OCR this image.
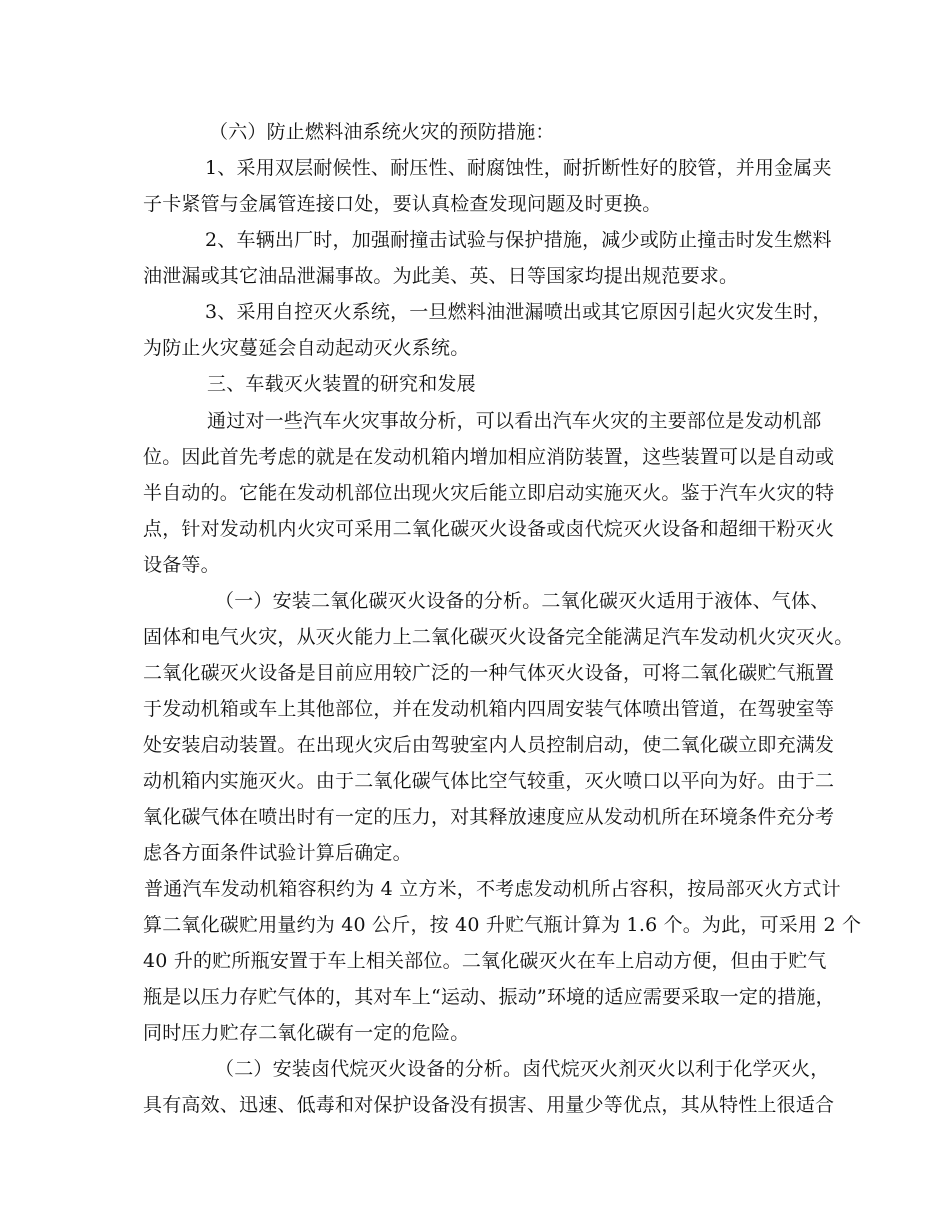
（六）防止燃料油系统火灾的预防措施：
1、采用双层耐候性、耐压性、耐腐蚀性，耐折断性好的胶管，并用金属夹
子卡紧管与金属管连接口处，要认真检查发现问题及时更换。
2、车辆出厂时，加强耐撞击试验与保护措施，减少或防止撞击时发生燃料
油泄漏或其它油品泄漏事故。为此美、英、日等国家均提出规范要求。
3、采用自控灭火系统，一旦燃料油泄漏喷出或其它原因引起火灾发生时，
为防止火灾蔓延会自动起动灭火系统。
三、车载灭火装置的研究和发展
通过对一些汽车火灾事故分析，可以看出汽车火灾的主要部位是发动机部
位。因此首先考虑的就是在发动机箱内增加相应消防装置，这些装置可以是自动或
半自动的。它能在发动机部位出现火灾后能立即启动实施灭火。鉴于汽车火灾的特
点，针对发动机内火灾可采用二氧化碳灭火设备或卤代烷灭火设备和超细干粉灭火
设备等。
（一）安装二氧化碳灭火设备的分析。二氧化碳灭火适用于液体、气体、
固体和电气火灾，从灭火能力上二氧化碳灭火设备完全能满足汽车发动机火灾灭火。
二氧化碳灭火设备是目前应用较广泛的一种气体灭火设备，可将二氧化碳贮气瓶置
于发动机箱或车上其他部位，并在发动机箱内四周安装气体喷出管道，在驾驶室等
处安装启动装置。在出现火灾后由驾驶室内人员控制启动，使二氧化碳立即充满发
动机箱内实施灭火。由于二氧化碳气体比空气较重，灭火喷口以平向为好。由于二
氧化碳气体在喷出时有一定的压力，对其释放速度应从发动机所在环境条件充分考
虑各方面条件试验计算后确定。
普通汽车发动机箱容积约为 4 立方米，不考虑发动机所占容积，按局部灭火方式计
算二氧化碳贮用量约为 40 公斤，按 40 升贮气瓶计算为 1.6 个。为此，可采用 2 个
40 升的贮所瓶安置于车上相关部位。二氧化碳灭火在车上启动方便，但由于贮气
瓶是以压力存贮气体的，其对车上“运动、振动”环境的适应需要采取一定的措施，
同时压力贮存二氧化碳有一定的危险。
（二）安装卤代烷灭火设备的分析。卤代烷灭火剂灭火以利于化学灭火，
具有高效、迅速、低毒和对保护设备没有损害、用量少等优点，其从特性上很适合
